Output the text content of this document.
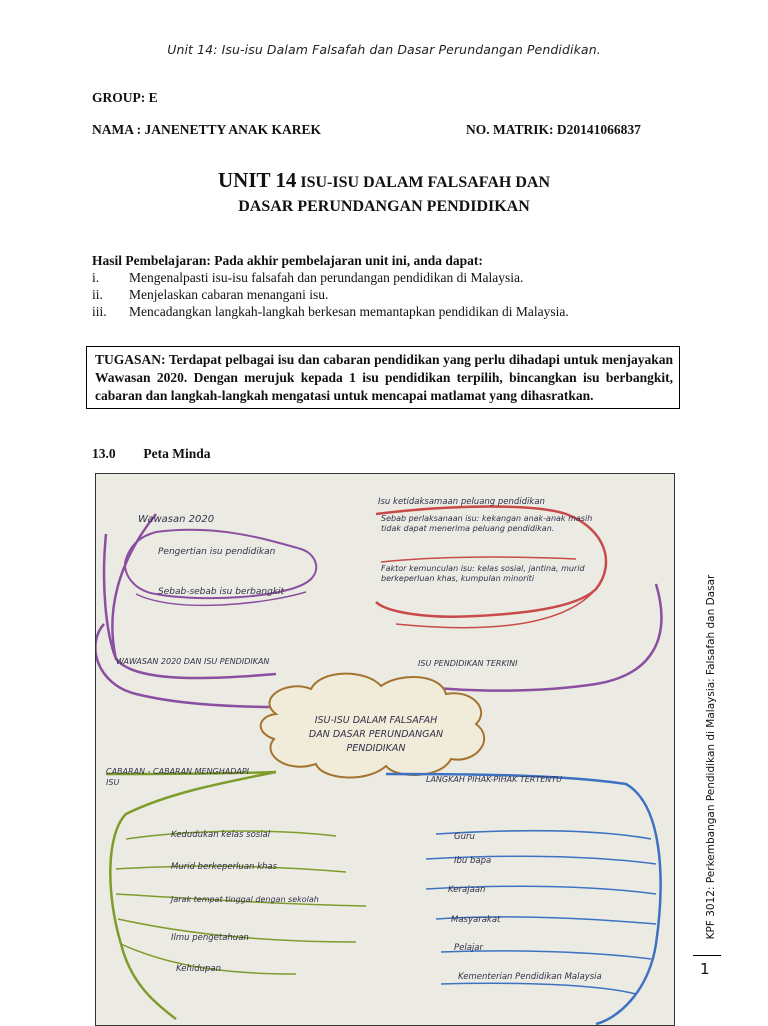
Unit 14: Isu-isu Dalam Falsafah dan Dasar Perundangan Pendidikan.
GROUP: E
NAMA : JANENETTY ANAK KAREK	NO. MATRIK: D20141066837
UNIT 14 ISU-ISU DALAM FALSAFAH DAN
DASAR PERUNDANGAN PENDIDIKAN
Hasil Pembelajaran: Pada akhir pembelajaran unit ini, anda dapat:
i.	Mengenalpasti isu-isu falsafah dan perundangan pendidikan di Malaysia.
ii.	Menjelaskan cabaran menangani isu.
iii.	Mencadangkan langkah-langkah berkesan memantapkan pendidikan di Malaysia.
TUGASAN: Terdapat pelbagai isu dan cabaran pendidikan yang perlu dihadapi untuk menjayakan Wawasan 2020. Dengan merujuk kepada 1 isu pendidikan terpilih, bincangkan isu berbangkit, cabaran dan langkah-langkah mengatasi untuk mencapai matlamat yang dihasratkan.
13.0 Peta Minda
ISU-ISU DALAM FALSAFAH
DAN DASAR PERUNDANGAN
PENDIDIKAN
Wawasan 2020
Pengertian isu pendidikan
Sebab-sebab isu berbangkit
WAWASAN 2020 DAN ISU PENDIDIKAN
Isu ketidaksamaan peluang pendidikan
Sebab perlaksanaan isu: kekangan anak-anak masih tidak dapat menerima peluang pendidikan.
Faktor kemunculan isu: kelas sosial, jantina, murid berkeperluan khas, kumpulan minoriti
ISU PENDIDIKAN TERKINI
CABARAN - CABARAN MENGHADAPI
ISU
Kedudukan kelas sosial
Murid berkeperluan khas
Jarak tempat tinggal dengan sekolah
Ilmu pengetahuan
Kehidupan
LANGKAH PIHAK-PIHAK TERTENTU
Guru
Ibu bapa
Kerajaan
Masyarakat
Pelajar
Kementerian Pendidikan Malaysia
KPF 3012: Perkembangan Pendidikan di Malaysia: Falsafah dan Dasar
1
